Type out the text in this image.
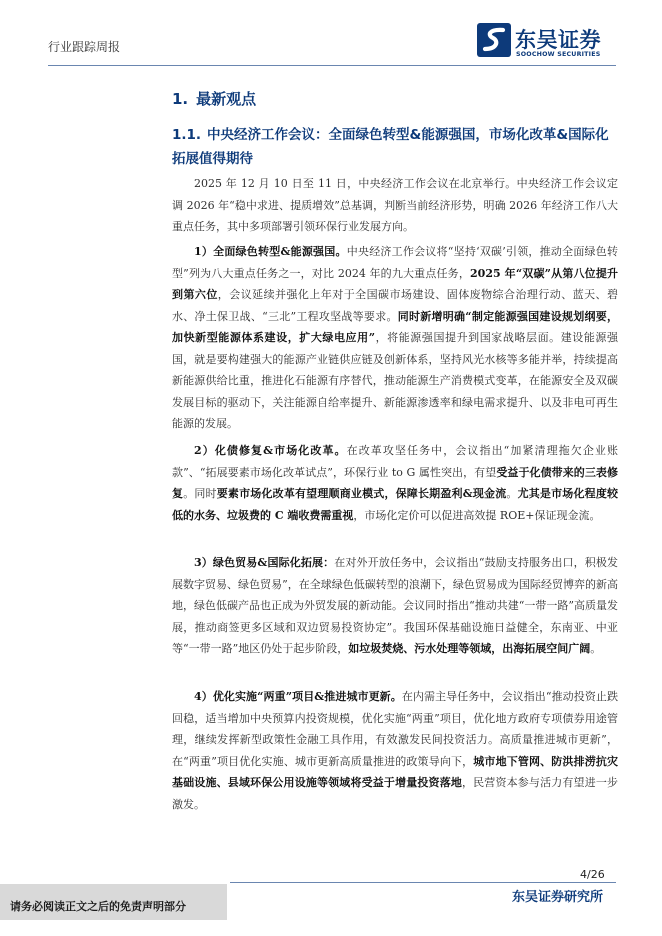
行业跟踪周报	东吴证券
SOOCHOW SECURITIES
1. 最新观点
1.1. 中央经济工作会议：全面绿色转型&能源强国，市场化改革&国际化拓展值得期待
2025 年 12 月 10 日至 11 日，中央经济工作会议在北京举行。中央经济工作会议定调 2026 年“稳中求进、提质增效”总基调，判断当前经济形势，明确 2026 年经济工作八大重点任务，其中多项部署引领环保行业发展方向。
1）全面绿色转型&能源强国。中央经济工作会议将“坚持‘双碳’引领，推动全面绿色转型”列为八大重点任务之一，对比 2024 年的九大重点任务，2025 年“双碳”从第八位提升到第六位，会议延续并强化上年对于全国碳市场建设、固体废物综合治理行动、蓝天、碧水、净土保卫战、“三北”工程攻坚战等要求。同时新增明确“制定能源强国建设规划纲要，加快新型能源体系建设，扩大绿电应用”，将能源强国提升到国家战略层面。建设能源强国，就是要构建强大的能源产业链供应链及创新体系，坚持风光水核等多能并举，持续提高新能源供给比重，推进化石能源有序替代，推动能源生产消费模式变革，在能源安全及双碳发展目标的驱动下，关注能源自给率提升、新能源渗透率和绿电需求提升、以及非电可再生能源的发展。
2）化债修复&市场化改革。在改革攻坚任务中，会议指出“加紧清理拖欠企业账款”、“拓展要素市场化改革试点”，环保行业 to G 属性突出，有望受益于化债带来的三表修复。同时要素市场化改革有望理顺商业模式，保障长期盈利&现金流。尤其是市场化程度较低的水务、垃圾费的 C 端收费需重视，市场化定价可以促进高效提 ROE+保证现金流。
3）绿色贸易&国际化拓展：在对外开放任务中，会议指出“鼓励支持服务出口，积极发展数字贸易、绿色贸易”，在全球绿色低碳转型的浪潮下，绿色贸易成为国际经贸博弈的新高地，绿色低碳产品也正成为外贸发展的新动能。会议同时指出“推动共建“一带一路”高质量发展，推动商签更多区域和双边贸易投资协定”。我国环保基础设施日益健全，东南亚、中亚等“一带一路”地区仍处于起步阶段，如垃圾焚烧、污水处理等领域，出海拓展空间广阔。
4）优化实施“两重”项目&推进城市更新。在内需主导任务中，会议指出“推动投资止跌回稳，适当增加中央预算内投资规模，优化实施“两重”项目，优化地方政府专项债券用途管理，继续发挥新型政策性金融工具作用，有效激发民间投资活力。高质量推进城市更新”，在“两重”项目优化实施、城市更新高质量推进的政策导向下，城市地下管网、防洪排涝抗灾基础设施、县域环保公用设施等领域将受益于增量投资落地，民营资本参与活力有望进一步激发。
4/26
请务必阅读正文之后的免责声明部分
东吴证券研究所
